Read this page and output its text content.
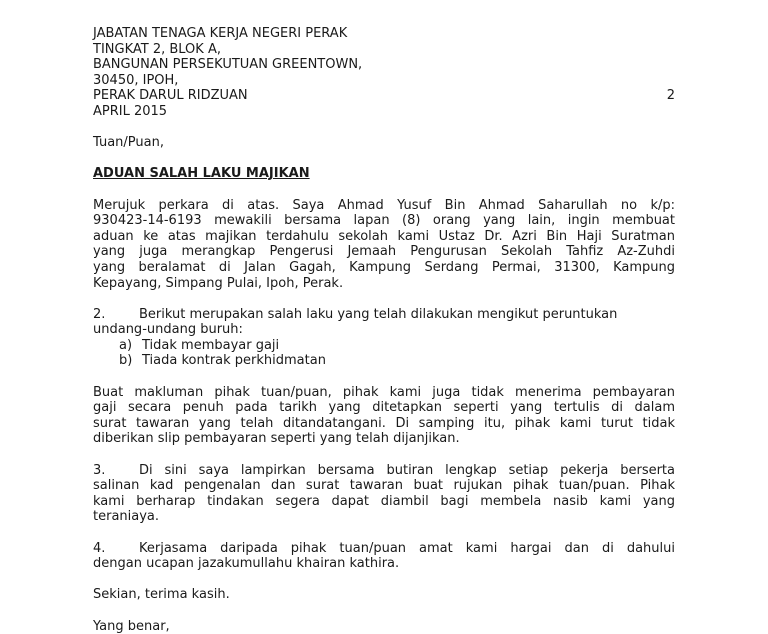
JABATAN TENAGA KERJA NEGERI PERAK
TINGKAT 2, BLOK A,
BANGUNAN PERSEKUTUAN GREENTOWN,
30450, IPOH,
PERAK DARUL RIDZUAN	2
APRIL 2015
Tuan/Puan,
ADUAN SALAH LAKU MAJIKAN
Merujuk perkara di atas. Saya Ahmad Yusuf Bin Ahmad Saharullah no k/p:
930423-14-6193 mewakili bersama lapan (8) orang yang lain, ingin membuat
aduan ke atas majikan terdahulu sekolah kami Ustaz Dr. Azri Bin Haji Suratman
yang juga merangkap Pengerusi Jemaah Pengurusan Sekolah Tahfiz Az-Zuhdi
yang beralamat di Jalan Gagah, Kampung Serdang Permai, 31300, Kampung
Kepayang, Simpang Pulai, Ipoh, Perak.
2.	Berikut merupakan salah laku yang telah dilakukan mengikut peruntukan
undang-undang buruh:
a) Tidak membayar gaji
b) Tiada kontrak perkhidmatan
Buat makluman pihak tuan/puan, pihak kami juga tidak menerima pembayaran
gaji secara penuh pada tarikh yang ditetapkan seperti yang tertulis di dalam
surat tawaran yang telah ditandatangani. Di samping itu, pihak kami turut tidak
diberikan slip pembayaran seperti yang telah dijanjikan.
3.	Di sini saya lampirkan bersama butiran lengkap setiap pekerja berserta
salinan kad pengenalan dan surat tawaran buat rujukan pihak tuan/puan. Pihak
kami berharap tindakan segera dapat diambil bagi membela nasib kami yang
teraniaya.
4.	Kerjasama daripada pihak tuan/puan amat kami hargai dan di dahului
dengan ucapan jazakumullahu khairan kathira.
Sekian, terima kasih.
Yang benar,
